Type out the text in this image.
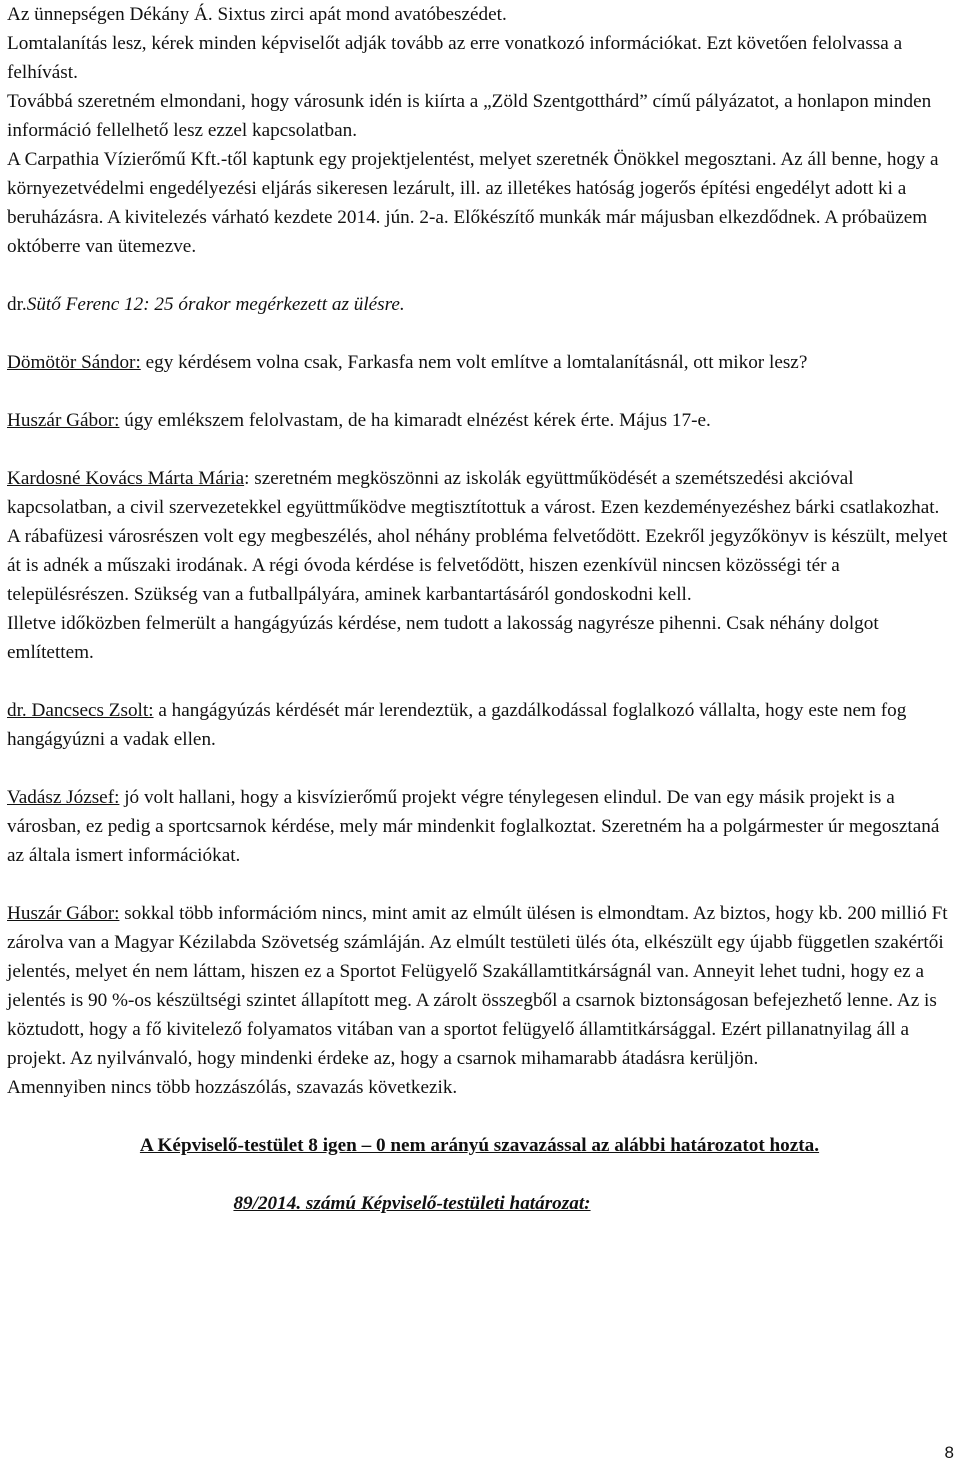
Az ünnepségen Dékány Á. Sixtus zirci apát mond avatóbeszédet.

Lomtalanítás lesz, kérek minden képviselőt adják tovább az erre vonatkozó információkat. Ezt követően felolvassa a felhívást.

Továbbá szeretném elmondani, hogy városunk idén is kiírta a „Zöld Szentgotthárd” című pályázatot, a honlapon minden információ fellelhető lesz ezzel kapcsolatban.

A Carpathia Vízierőmű Kft.-től kaptunk egy projektjelentést, melyet szeretnék Önökkel megosztani. Az áll benne, hogy a környezetvédelmi engedélyezési eljárás sikeresen lezárult, ill. az illetékes hatóság jogerős építési engedélyt adott ki a beruházásra. A kivitelezés várható kezdete 2014. jún. 2-a. Előkészítő munkák már májusban elkezdődnek. A próbaüzem októberre van ütemezve.

dr.Sütő Ferenc 12: 25 órakor megérkezett az ülésre.

Dömötör Sándor: egy kérdésem volna csak, Farkasfa nem volt említve a lomtalanításnál, ott mikor lesz?

Huszár Gábor: úgy emlékszem felolvastam, de ha kimaradt elnézést kérek érte. Május 17-e.

Kardosné Kovács Márta Mária: szeretném megköszönni az iskolák együttműködését a szemétszedési akcióval kapcsolatban, a civil szervezetekkel együttműködve megtisztítottuk a várost. Ezen kezdeményezéshez bárki csatlakozhat.

A rábafüzesi városrészen volt egy megbeszélés, ahol néhány probléma felvetődött. Ezekről jegyzőkönyv is készült, melyet át is adnék a műszaki irodának. A régi óvoda kérdése is felvetődött, hiszen ezenkívül nincsen közösségi tér a településrészen. Szükség van a futballpályára, aminek karbantartásáról gondoskodni kell.

Illetve időközben felmerült a hangágyúzás kérdése, nem tudott a lakosság nagyrésze pihenni. Csak néhány dolgot említettem.

dr. Dancsecs Zsolt: a hangágyúzás kérdését már lerendeztük, a gazdálkodással foglalkozó vállalta, hogy este nem fog hangágyúzni a vadak ellen.

Vadász József: jó volt hallani, hogy a kisvízierőmű projekt végre ténylegesen elindul. De van egy másik projekt is a városban, ez pedig a sportcsarnok kérdése, mely már mindenkit foglalkoztat. Szeretném ha a polgármester úr megosztaná az általa ismert információkat.

Huszár Gábor: sokkal több információm nincs, mint amit az elmúlt ülésen is elmondtam. Az biztos, hogy kb. 200 millió Ft zárolva van a Magyar Kézilabda Szövetség számláján. Az elmúlt testületi ülés óta, elkészült egy újabb független szakértői jelentés, melyet én nem láttam, hiszen ez a Sportot Felügyelő Szakállamtitkárságnál van. Anneyit lehet tudni, hogy ez a jelentés is 90 %-os készültségi szintet állapított meg. A zárolt összegből a csarnok biztonságosan befejezhető lenne. Az is köztudott, hogy a fő kivitelező folyamatos vitában van a sportot felügyelő államtitkársággal. Ezért pillanatnyilag áll a projekt. Az nyilvánvaló, hogy mindenki érdeke az, hogy a csarnok mihamarabb átadásra kerüljön.

Amennyiben nincs több hozzászólás, szavazás következik.

A Képviselő-testület 8 igen – 0 nem arányú szavazással az alábbi határozatot hozta.

89/2014. számú Képviselő-testületi határozat:

8
